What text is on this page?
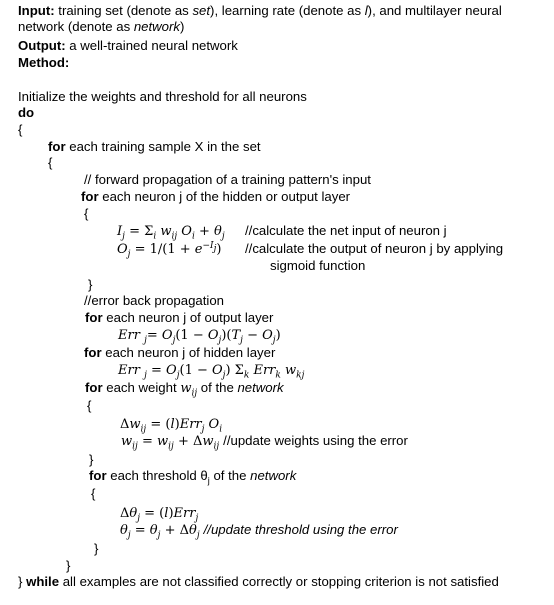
Input: training set (denote as set), learning rate (denote as l), and multilayer neural network (denote as network)
Output: a well-trained neural network
Method:
Initialize the weights and threshold for all neurons
do
{
for each training sample X in the set
{
// forward propagation of a training pattern's input
for each neuron j of the hidden or output layer
{
$I_j = \Sigma_i$ $w_{ij}$ $O_i + \theta_j$ //calculate the net input of neuron j
$O_j = 1/(1 + e^{-I_j})$ //calculate the output of neuron j by applying
sigmoid function
}
//error back propagation
for each neuron j of output layer
Err $_j= O_j(1 - O_j)(T_j - O_j)$
for each neuron j of hidden layer
Err $_j = O_j(1 - O_j)$ $\Sigma_k$ Err$_k$ $w_{kj}$
for each weight $w_{ij}$ of the network
{
$\Delta w_{ij} = (l)Err_j$ $O_i$
$w_{ij} = w_{ij} + \Delta w_{ij}$ //update weights using the error
}
for each threshold $\theta_j$ of the network
{
$\Delta\theta_j = (l)Err_j$
$\theta_j = \theta_j + \Delta\theta_j$ //update threshold using the error
}
}
} while all examples are not classified correctly or stopping criterion is not satisfied
